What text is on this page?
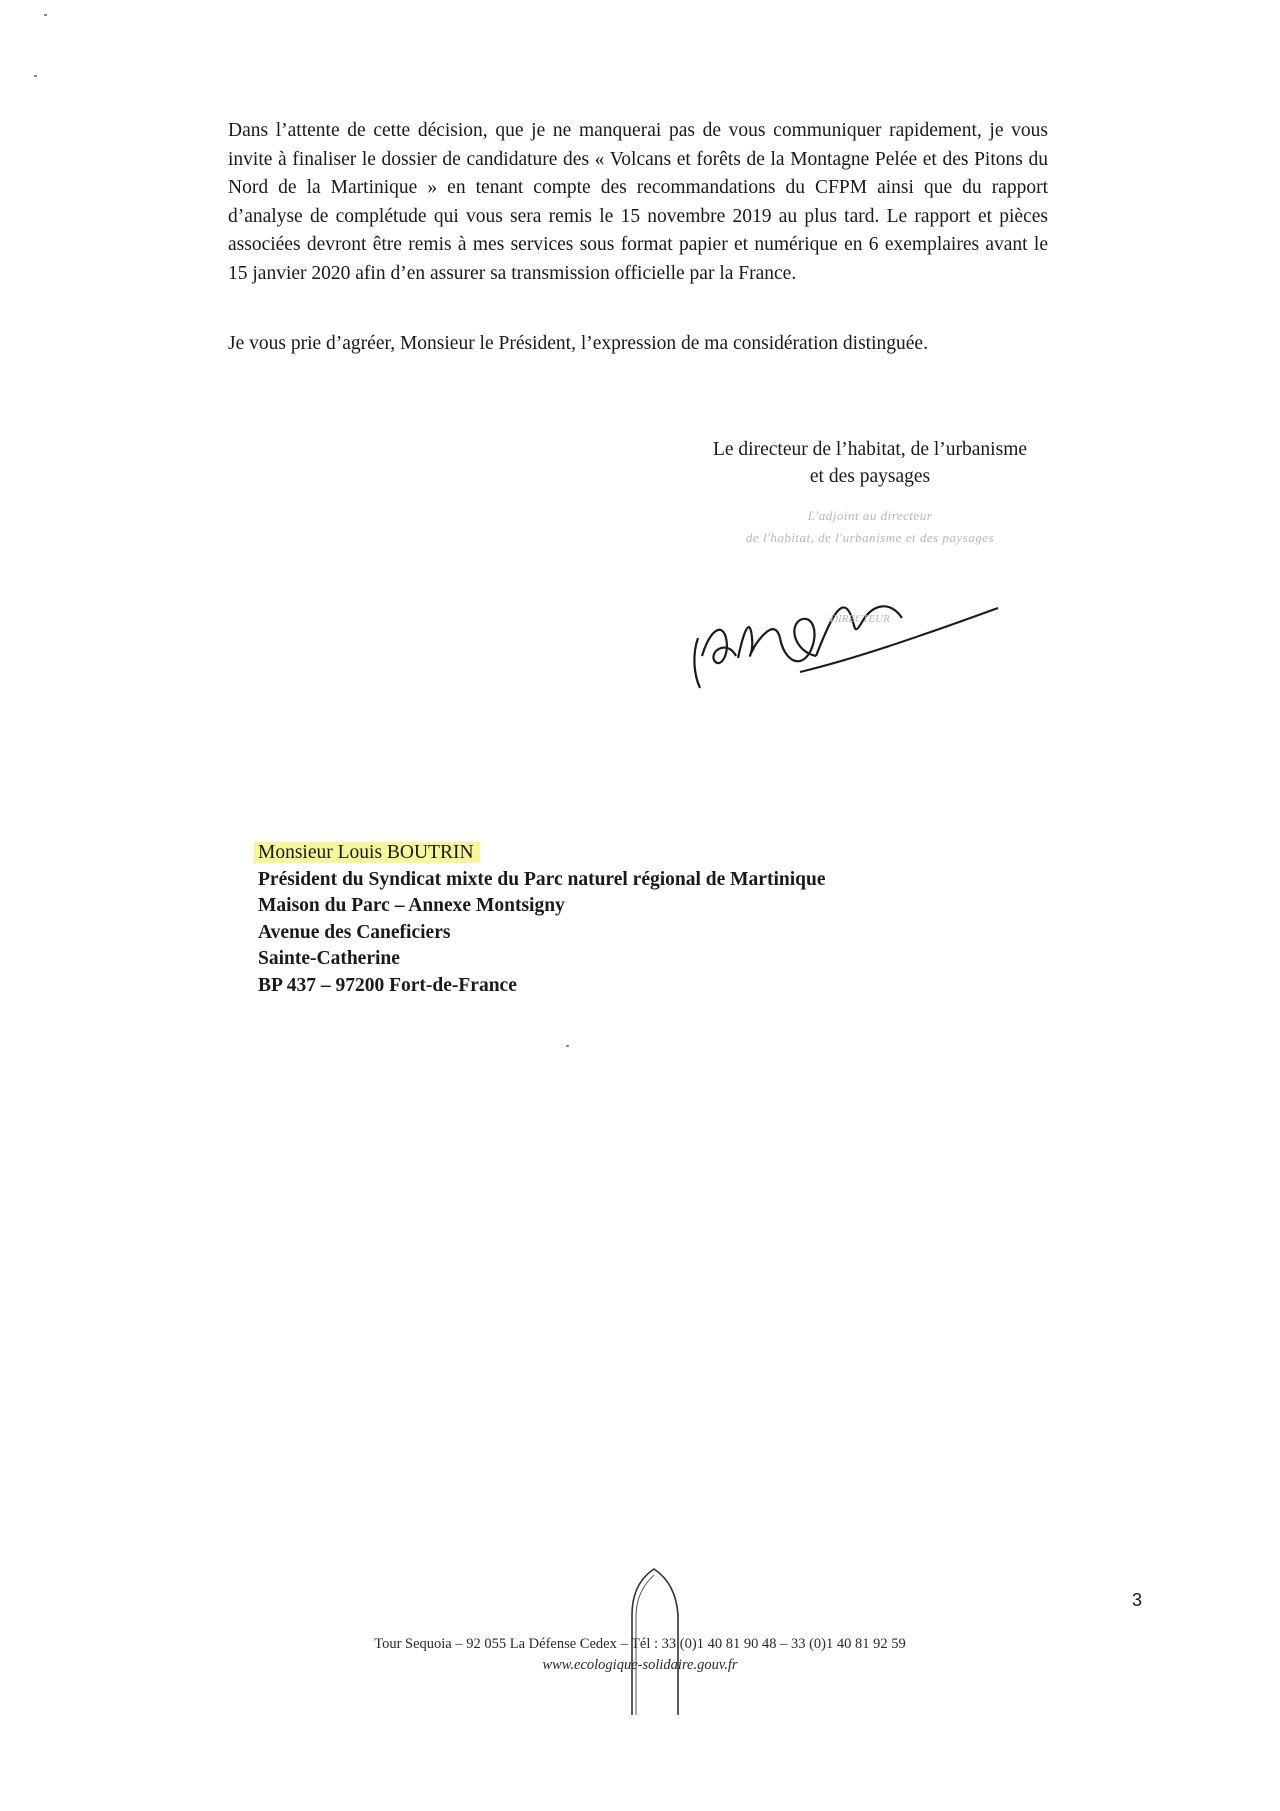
Dans l’attente de cette décision, que je ne manquerai pas de vous communiquer rapidement, je vous invite à finaliser le dossier de candidature des « Volcans et forêts de la Montagne Pelée et des Pitons du Nord de la Martinique » en tenant compte des recommandations du CFPM ainsi que du rapport d’analyse de complétude qui vous sera remis le 15 novembre 2019 au plus tard. Le rapport et pièces associées devront être remis à mes services sous format papier et numérique en 6 exemplaires avant le 15 janvier 2020 afin d’en assurer sa transmission officielle par la France.

Je vous prie d’agréer, Monsieur le Président, l’expression de ma considération distinguée.

Le directeur de l’habitat, de l’urbanisme
et des paysages
L'adjoint au directeur
de l'habitat, de l'urbanisme et des paysages
DIRECTEUR
Monsieur Louis BOUTRIN
Président du Syndicat mixte du Parc naturel régional de Martinique
Maison du Parc – Annexe Montsigny
Avenue des Caneficiers
Sainte-Catherine
BP 437 – 97200 Fort-de-France
3
Tour Sequoia – 92 055 La Défense Cedex – Tél : 33 (0)1 40 81 90 48 – 33 (0)1 40 81 92 59
www.ecologique-solidaire.gouv.fr
